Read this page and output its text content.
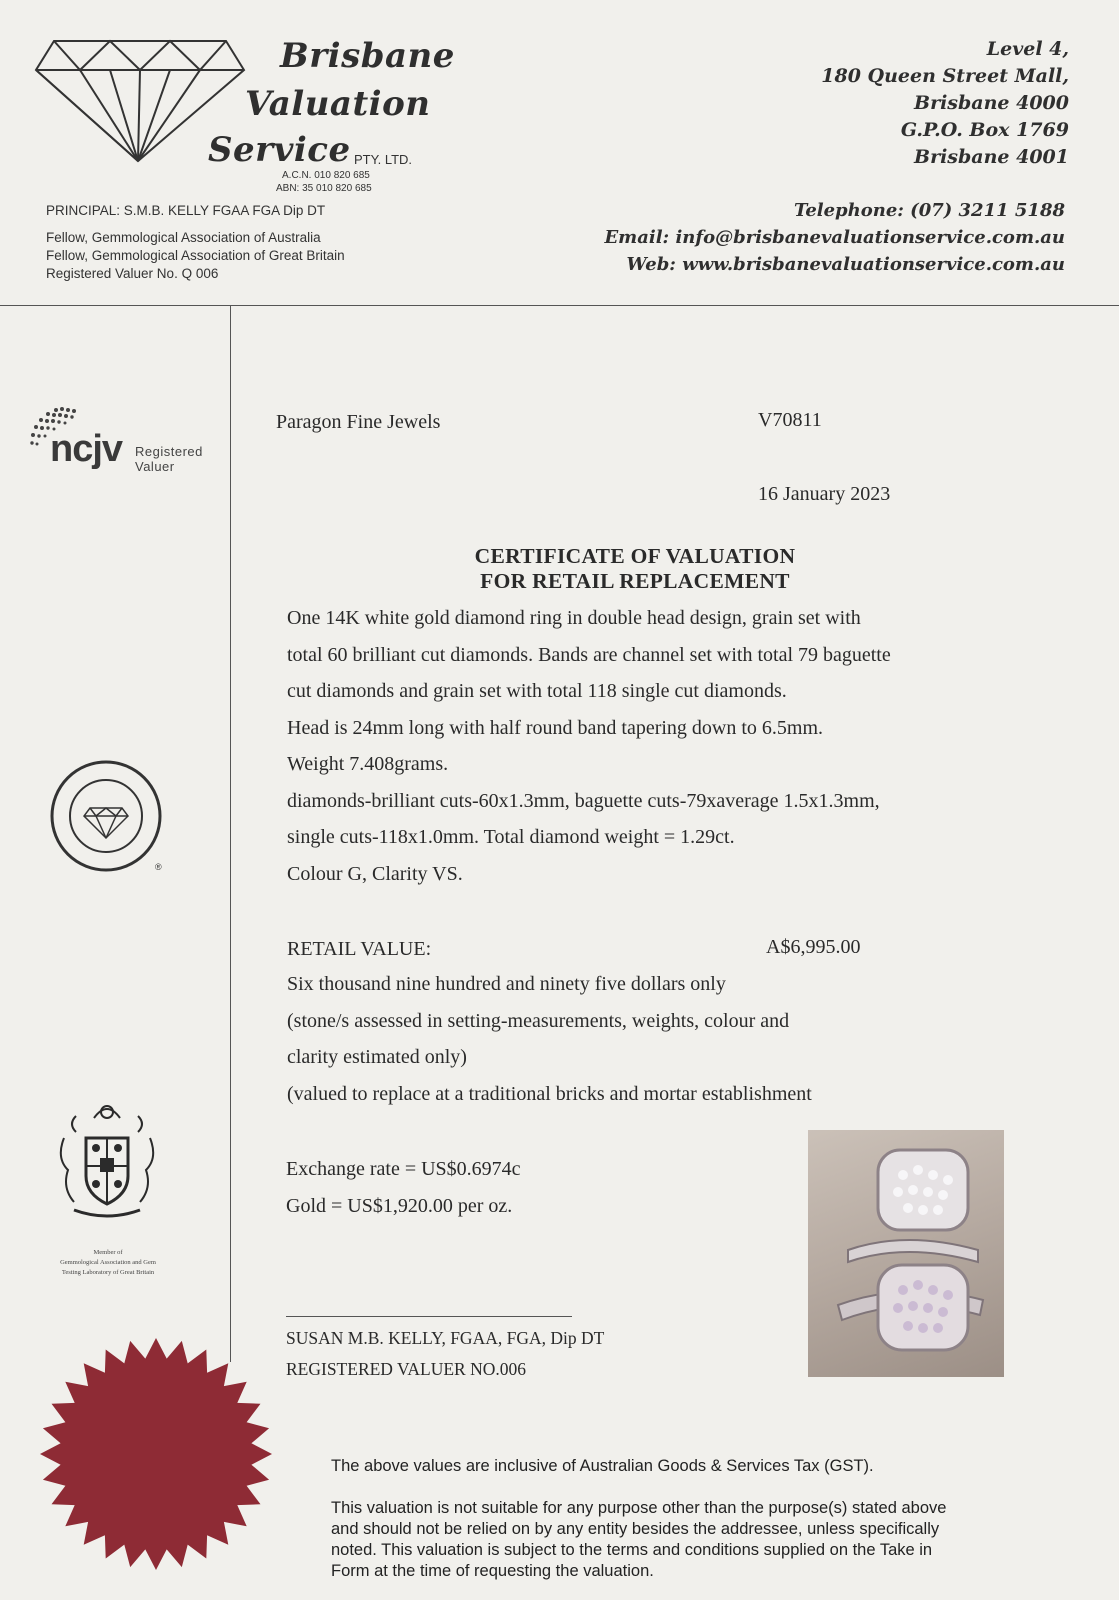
Brisbane
Valuation
Service PTY. LTD.
A.C.N. 010 820 685
ABN: 35 010 820 685
PRINCIPAL: S.M.B. KELLY FGAA FGA Dip DT
Fellow, Gemmological Association of Australia
Fellow, Gemmological Association of Great Britain
Registered Valuer No. Q 006
Level 4,
180 Queen Street Mall,
Brisbane 4000
G.P.O. Box 1769
Brisbane 4001
Telephone: (07) 3211 5188
Email: info@brisbanevaluationservice.com.au
Web: www.brisbanevaluationservice.com.au
ncjv Registered
Valuer
®
Member of
Gemmological Association and Gem
Testing Laboratory of Great Britain
Paragon Fine Jewels	V70811
16 January 2023
CERTIFICATE OF VALUATION
FOR RETAIL REPLACEMENT

One 14K white gold diamond ring in double head design, grain set with

total 60 brilliant cut diamonds. Bands are channel set with total 79 baguette

cut diamonds and grain set with total 118 single cut diamonds.

Head is 24mm long with half round band tapering down to 6.5mm.

Weight 7.408grams.

diamonds-brilliant cuts-60x1.3mm, baguette cuts-79xaverage 1.5x1.3mm,

single cuts-118x1.0mm. Total diamond weight = 1.29ct.

Colour G, Clarity VS.

RETAIL VALUE:	A$6,995.00

Six thousand nine hundred and ninety five dollars only

(stone/s assessed in setting-measurements, weights, colour and

clarity estimated only)

(valued to replace at a traditional bricks and mortar establishment

Exchange rate = US$0.6974c
Gold = US$1,920.00 per oz.
SUSAN M.B. KELLY, FGAA, FGA, Dip DT
REGISTERED VALUER NO.006

The above values are inclusive of Australian Goods & Services Tax (GST).

This valuation is not suitable for any purpose other than the purpose(s) stated above

and should not be relied on by any entity besides the addressee, unless specifically

noted. This valuation is subject to the terms and conditions supplied on the Take in

Form at the time of requesting the valuation.
